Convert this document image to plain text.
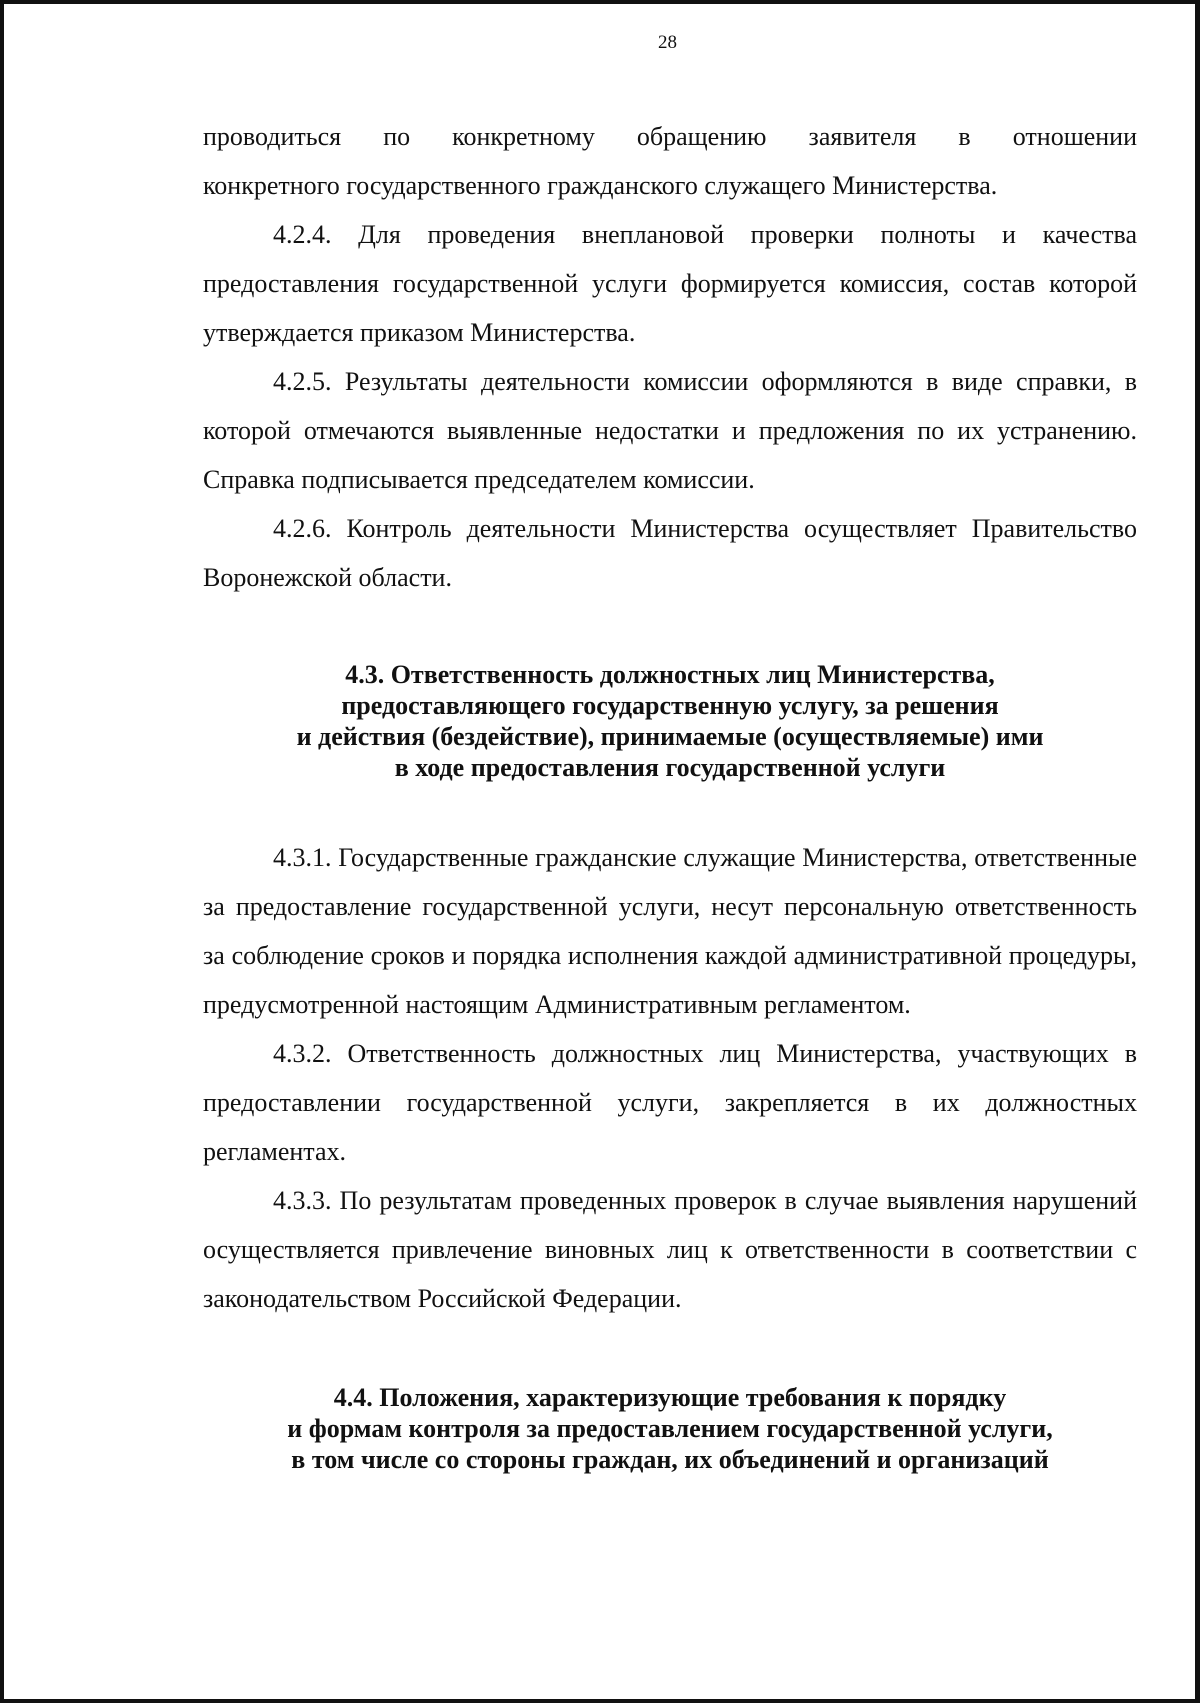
28

проводиться по конкретному обращению заявителя в отношении

конкретного государственного гражданского служащего Министерства.

4.2.4. Для проведения внеплановой проверки полноты и качества предоставления государственной услуги формируется комиссия, состав которой утверждается приказом Министерства.

4.2.5. Результаты деятельности комиссии оформляются в виде справки, в которой отмечаются выявленные недостатки и предложения по их устранению. Справка подписывается председателем комиссии.

4.2.6. Контроль деятельности Министерства осуществляет Правительство Воронежской области.

4.3. Ответственность должностных лиц Министерства,
предоставляющего государственную услугу, за решения
и действия (бездействие), принимаемые (осуществляемые) ими
в ходе предоставления государственной услуги

4.3.1. Государственные гражданские служащие Министерства, ответственные за предоставление государственной услуги, несут персональную ответственность за соблюдение сроков и порядка исполнения каждой административной процедуры, предусмотренной настоящим Административным регламентом.

4.3.2. Ответственность должностных лиц Министерства, участвующих в предоставлении государственной услуги, закрепляется в их должностных регламентах.

4.3.3. По результатам проведенных проверок в случае выявления нарушений осуществляется привлечение виновных лиц к ответственности в соответствии с законодательством Российской Федерации.

4.4. Положения, характеризующие требования к порядку
и формам контроля за предоставлением государственной услуги,
в том числе со стороны граждан, их объединений и организаций
